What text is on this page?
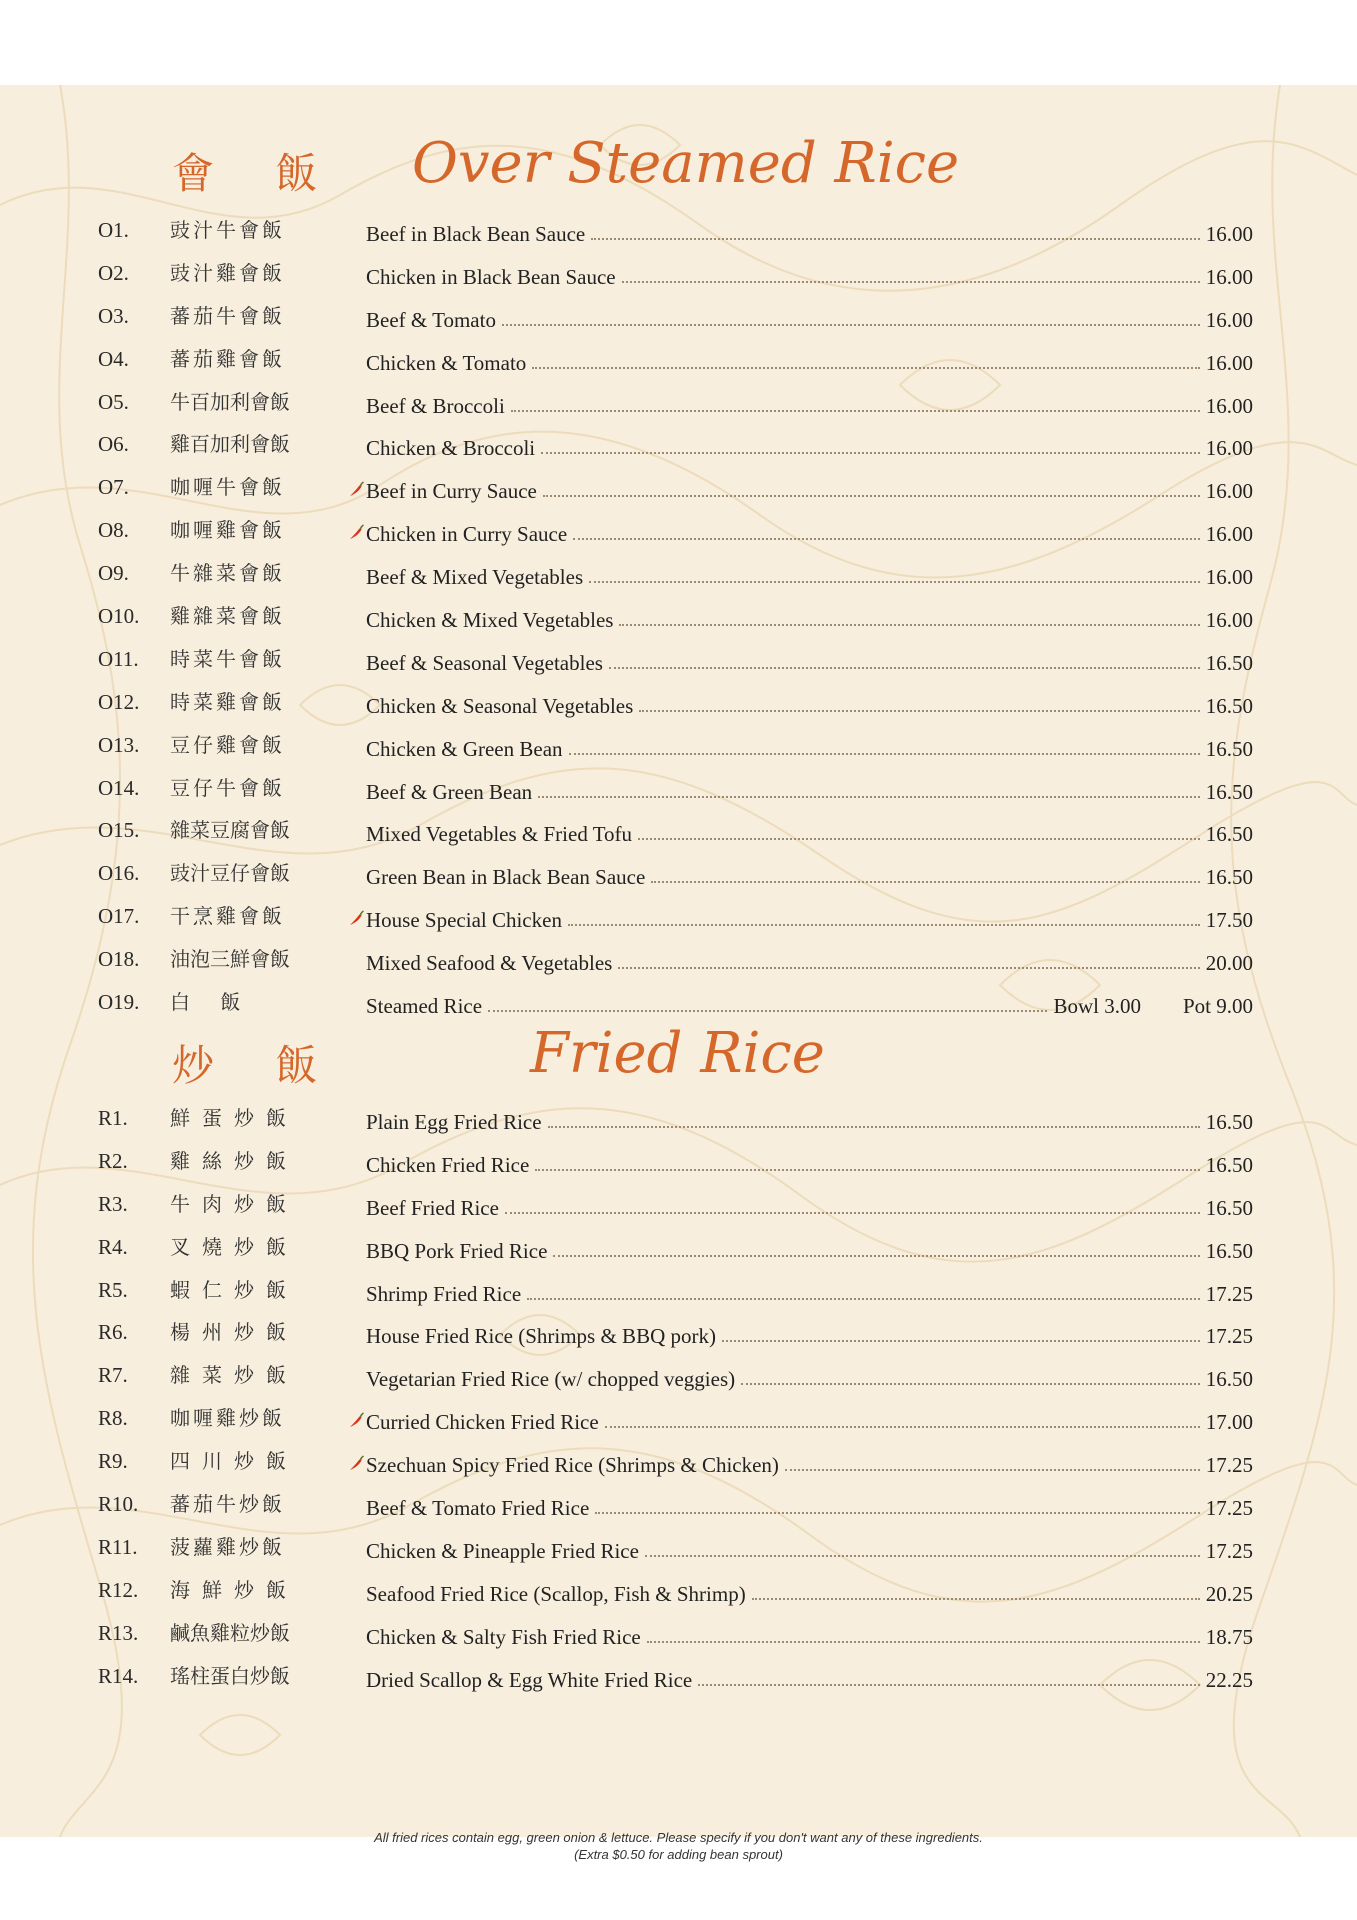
會 飯 Over Steamed Rice
O1. 豉汁牛會飯	Beef in Black Bean Sauce	16.00
O2. 豉汁雞會飯	Chicken in Black Bean Sauce	16.00
O3. 蕃茄牛會飯	Beef & Tomato	16.00
O4. 蕃茄雞會飯	Chicken & Tomato	16.00
O5. 牛百加利會飯	Beef & Broccoli	16.00
O6. 雞百加利會飯	Chicken & Broccoli	16.00
O7. 咖喱牛會飯	Beef in Curry Sauce	16.00
O8. 咖喱雞會飯	Chicken in Curry Sauce	16.00
O9. 牛雜菜會飯	Beef & Mixed Vegetables	16.00
O10. 雞雜菜會飯	Chicken & Mixed Vegetables	16.00
O11. 時菜牛會飯	Beef & Seasonal Vegetables	16.50
O12. 時菜雞會飯	Chicken & Seasonal Vegetables	16.50
O13. 豆仔雞會飯	Chicken & Green Bean	16.50
O14. 豆仔牛會飯	Beef & Green Bean	16.50
O15. 雜菜豆腐會飯	Mixed Vegetables & Fried Tofu	16.50
O16. 豉汁豆仔會飯	Green Bean in Black Bean Sauce	16.50
O17. 干烹雞會飯	House Special Chicken	17.50
O18. 油泡三鮮會飯	Mixed Seafood & Vegetables	20.00
O19. 白 飯	Steamed Rice	Bowl 3.00 Pot 9.00
炒 飯	Fried Rice
R1. 鮮蛋炒飯	Plain Egg Fried Rice	16.50
R2. 雞絲炒飯	Chicken Fried Rice	16.50
R3. 牛肉炒飯	Beef Fried Rice	16.50
R4. 叉燒炒飯	BBQ Pork Fried Rice	16.50
R5. 蝦仁炒飯	Shrimp Fried Rice	17.25
R6. 楊州炒飯	House Fried Rice (Shrimps & BBQ pork)	17.25
R7. 雜菜炒飯	Vegetarian Fried Rice (w/ chopped veggies)	16.50
R8. 咖喱雞炒飯	Curried Chicken Fried Rice	17.00
R9. 四川炒飯	Szechuan Spicy Fried Rice (Shrimps & Chicken)	17.25
R10. 蕃茄牛炒飯	Beef & Tomato Fried Rice	17.25
R11. 菠蘿雞炒飯	Chicken & Pineapple Fried Rice	17.25
R12. 海鮮炒飯	Seafood Fried Rice (Scallop, Fish & Shrimp)	20.25
R13. 鹹魚雞粒炒飯	Chicken & Salty Fish Fried Rice	18.75
R14. 瑤柱蛋白炒飯	Dried Scallop & Egg White Fried Rice	22.25
All fried rices contain egg, green onion & lettuce. Please specify if you don't want any of these ingredients.
(Extra $0.50 for adding bean sprout)
